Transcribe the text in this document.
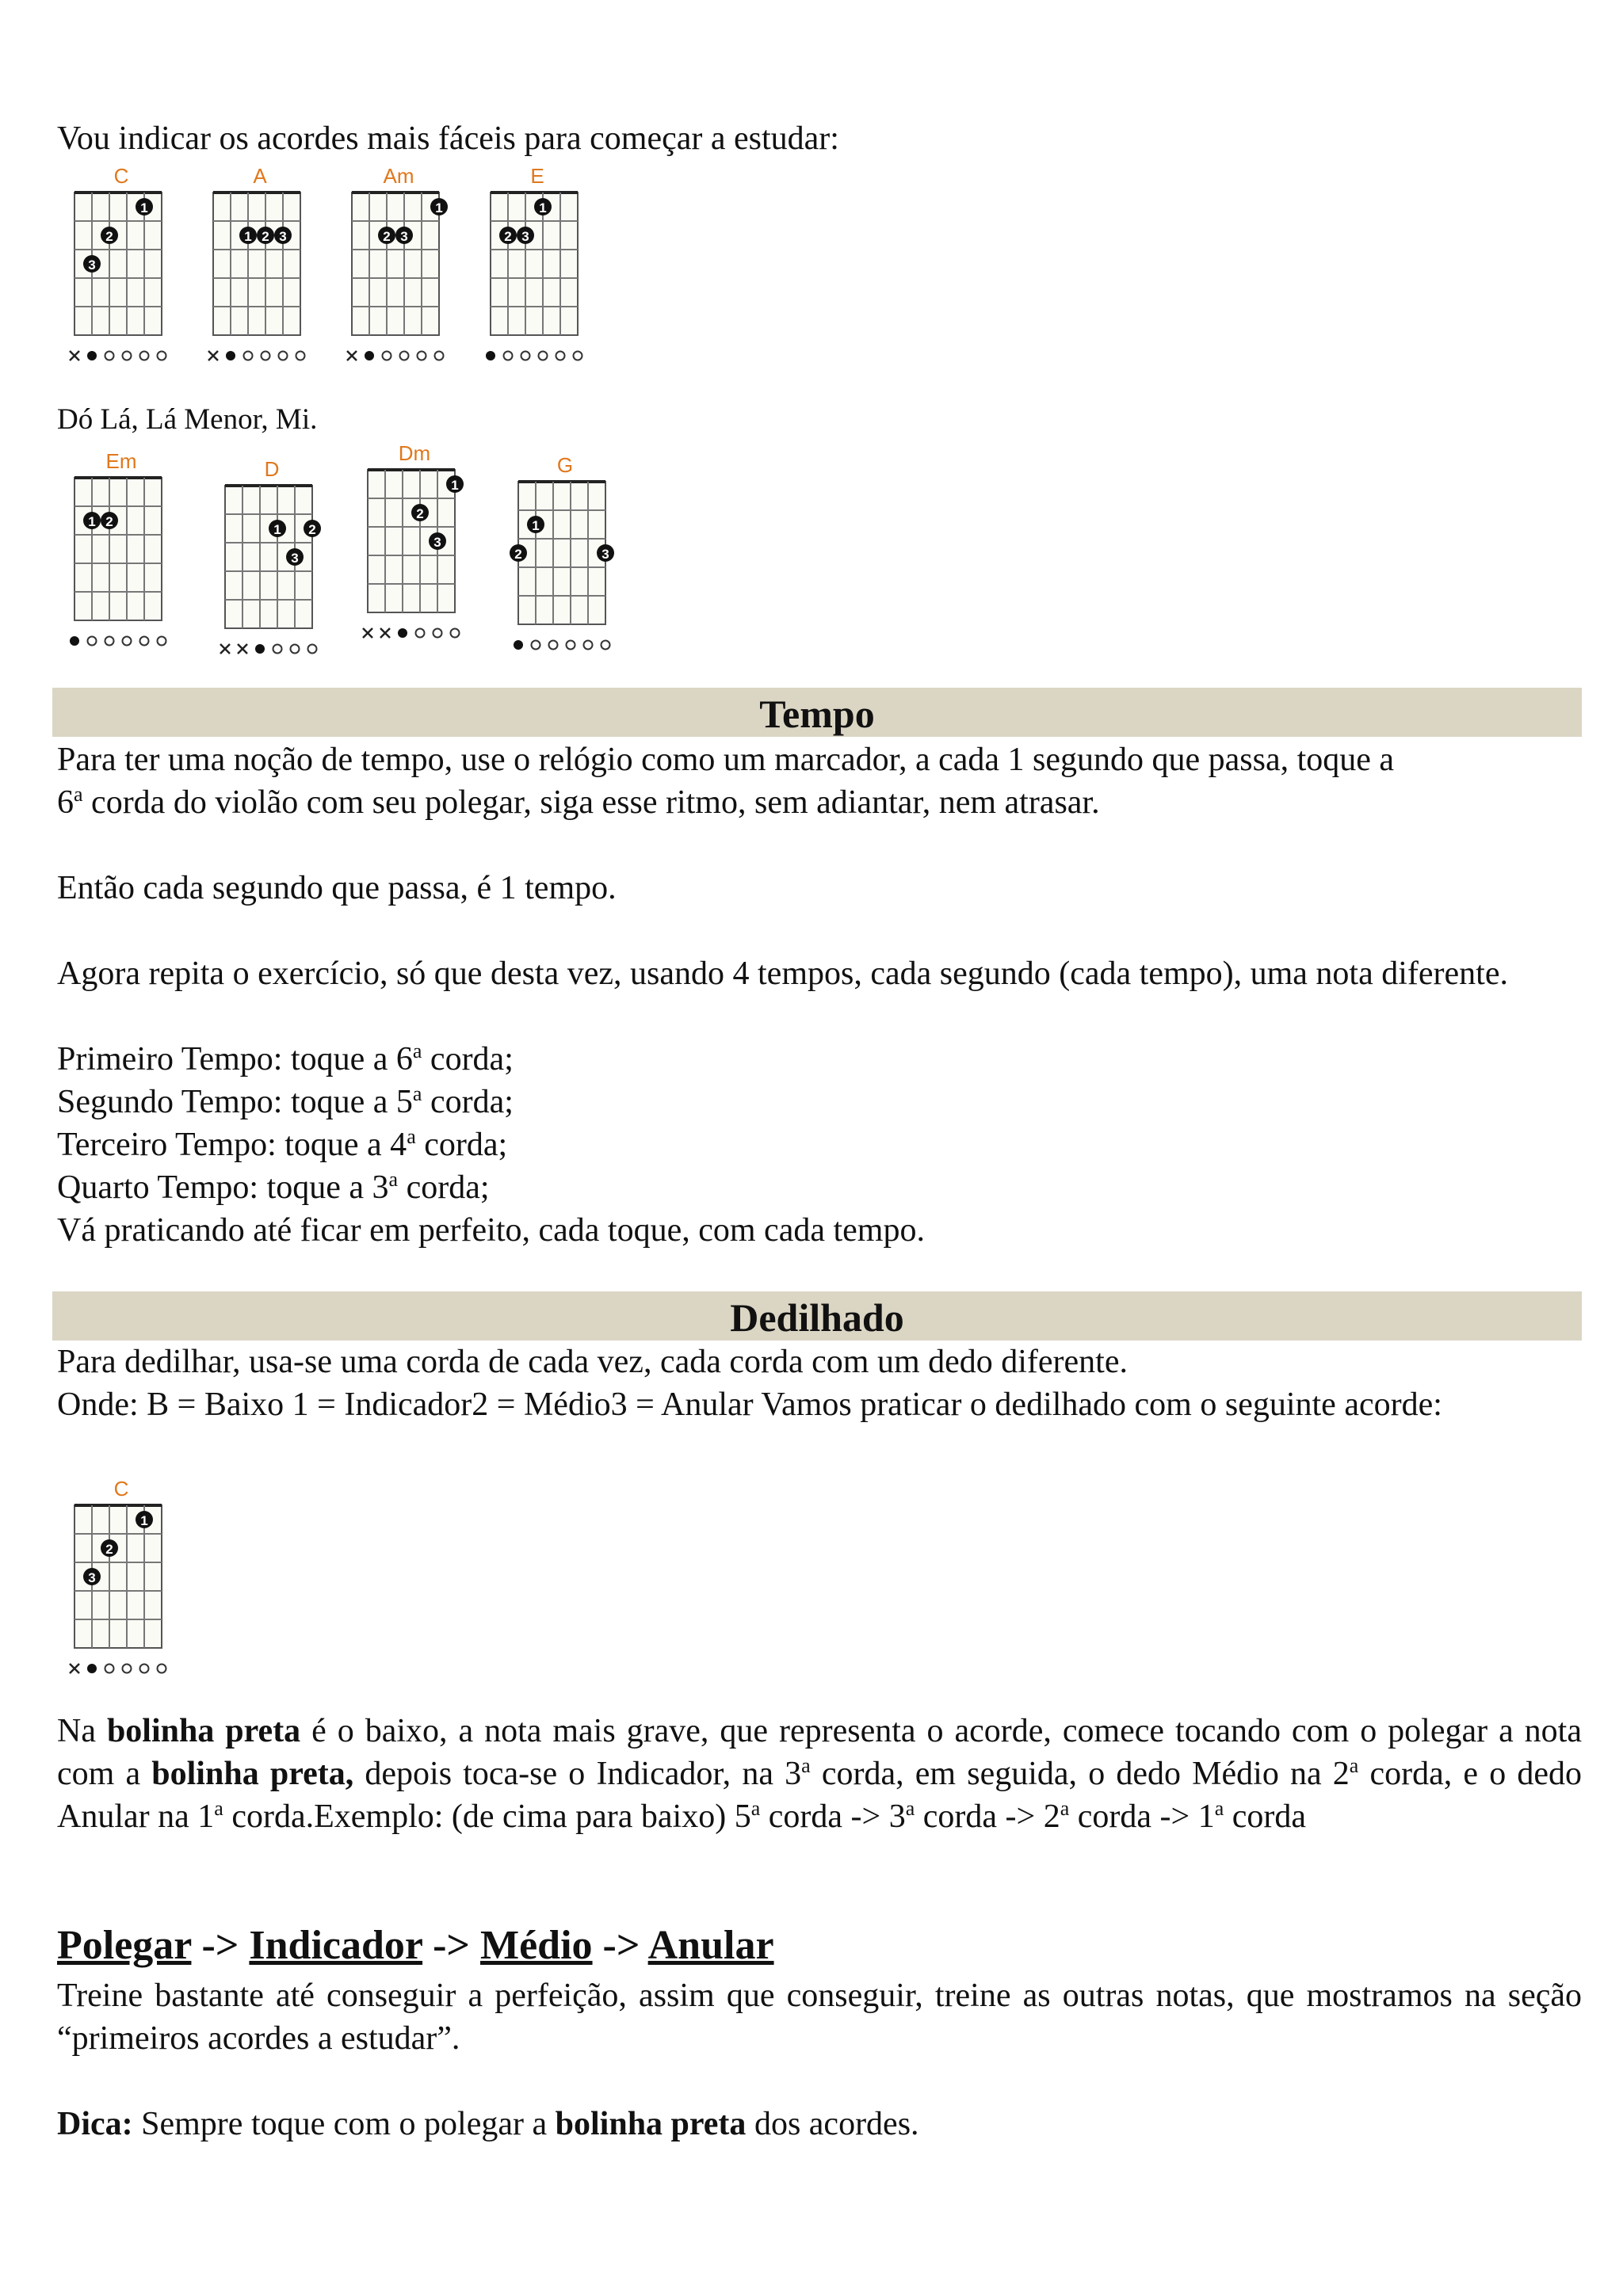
Vou indicar os acordes mais fáceis para começar a estudar:

C
1
2
3
A
1 2 3
Am
1
2 3
E
1
2 3

Dó Lá, Lá Menor, Mi.

Em
1 2
D
1 2
3
Dm
1
2
3
G
1
2	3
Tempo

Para ter uma noção de tempo, use o relógio como um marcador, a cada 1 segundo que passa, toque a

6$^a$ corda do violão com seu polegar, siga esse ritmo, sem adiantar, nem atrasar.

Então cada segundo que passa, é 1 tempo.

Agora repita o exercício, só que desta vez, usando 4 tempos, cada segundo (cada tempo), uma nota diferente.

Primeiro Tempo: toque a 6$^a$ corda;

Segundo Tempo: toque a 5$^a$ corda;

Terceiro Tempo: toque a 4$^a$ corda;

Quarto Tempo: toque a 3$^a$ corda;

Vá praticando até ficar em perfeito, cada toque, com cada tempo.

Dedilhado

Para dedilhar, usa-se uma corda de cada vez, cada corda com um dedo diferente.

Onde: B = Baixo 1 = Indicador2 = Médio3 = Anular Vamos praticar o dedilhado com o seguinte acorde:

C
1
2
3

Na bolinha preta é o baixo, a nota mais grave, que representa o acorde, comece tocando com o polegar a nota com a bolinha preta, depois toca-se o Indicador, na 3$^a$ corda, em seguida, o dedo Médio na 2$^a$ corda, e o dedo Anular na 1$^a$ corda.Exemplo: (de cima para baixo) 5$^a$ corda -> $3^a$ corda -> $2^a$ corda -> $1^a$ corda

Polegar -> Indicador -> Médio -> Anular

Treine bastante até conseguir a perfeição, assim que conseguir, treine as outras notas, que mostramos na seção “primeiros acordes a estudar”.

Dica: Sempre toque com o polegar a bolinha preta dos acordes.
